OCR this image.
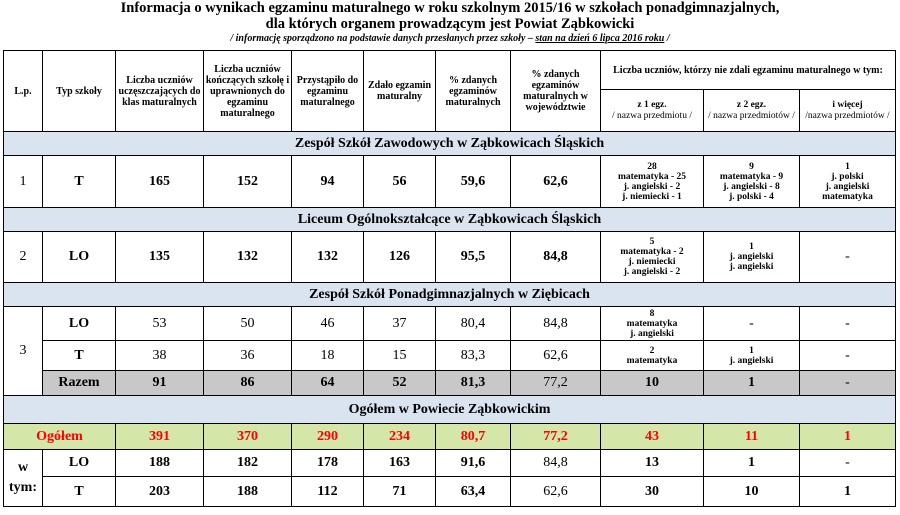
Informacja o wynikach egzaminu maturalnego w roku szkolnym 2015/16 w szkołach ponadgimnazjalnych,
dla których organem prowadzącym jest Powiat Ząbkowicki
/ informację sporządzono na podstawie danych przesłanych przez szkoły – stan na dzień 6 lipca 2016 roku /
L.p.	Typ szkoły	Liczba uczniów uczęszczających do klas maturalnych	Liczba uczniów kończących szkołę i uprawnionych do egzaminu maturalnego	Przystąpiło do egzaminu maturalnego	Zdało egzamin maturalny	% zdanych egzaminów maturalnych	% zdanych egzaminów maturalnych w województwie	Liczba uczniów, którzy nie zdali egzaminu maturalnego w tym:		
								z 1 egz.
/ nazwa przedmiotu /	z 2 egz.
/ nazwa przedmiotów /	i więcej
/nazwa przedmiotów /
Zespół Szkół Zawodowych w Ząbkowicach Śląskich										
1	T	165	152	94	56	59,6	62,6	28
matematyka - 25
j. angielski - 2
j. niemiecki - 1	9
matematyka - 9
j. angielski - 8
j. polski - 4	1
j. polski
j. angielski
matematyka
Liceum Ogólnokształcące w Ząbkowicach Śląskich										
2	LO	135	132	132	126	95,5	84,8	5
matematyka - 2
j. niemiecki
j. angielski - 2	1
j. angielski
j. angielski	-
Zespół Szkół Ponadgimnazjalnych w Ziębicach										
3	LO	53	50	46	37	80,4	84,8	8
matematyka
j. angielski	-	-
	T	38	36	18	15	83,3	62,6	2
matematyka	1
j. angielski	-
	Razem	91	86	64	52	81,3	77,2	10	1	-
Ogółem w Powiecie Ząbkowickim										
Ogółem		391	370	290	234	80,7	77,2	43	11	1
w
tym:	LO	188	182	178	163	91,6	84,8	13	1	-
	T	203	188	112	71	63,4	62,6	30	10	1
